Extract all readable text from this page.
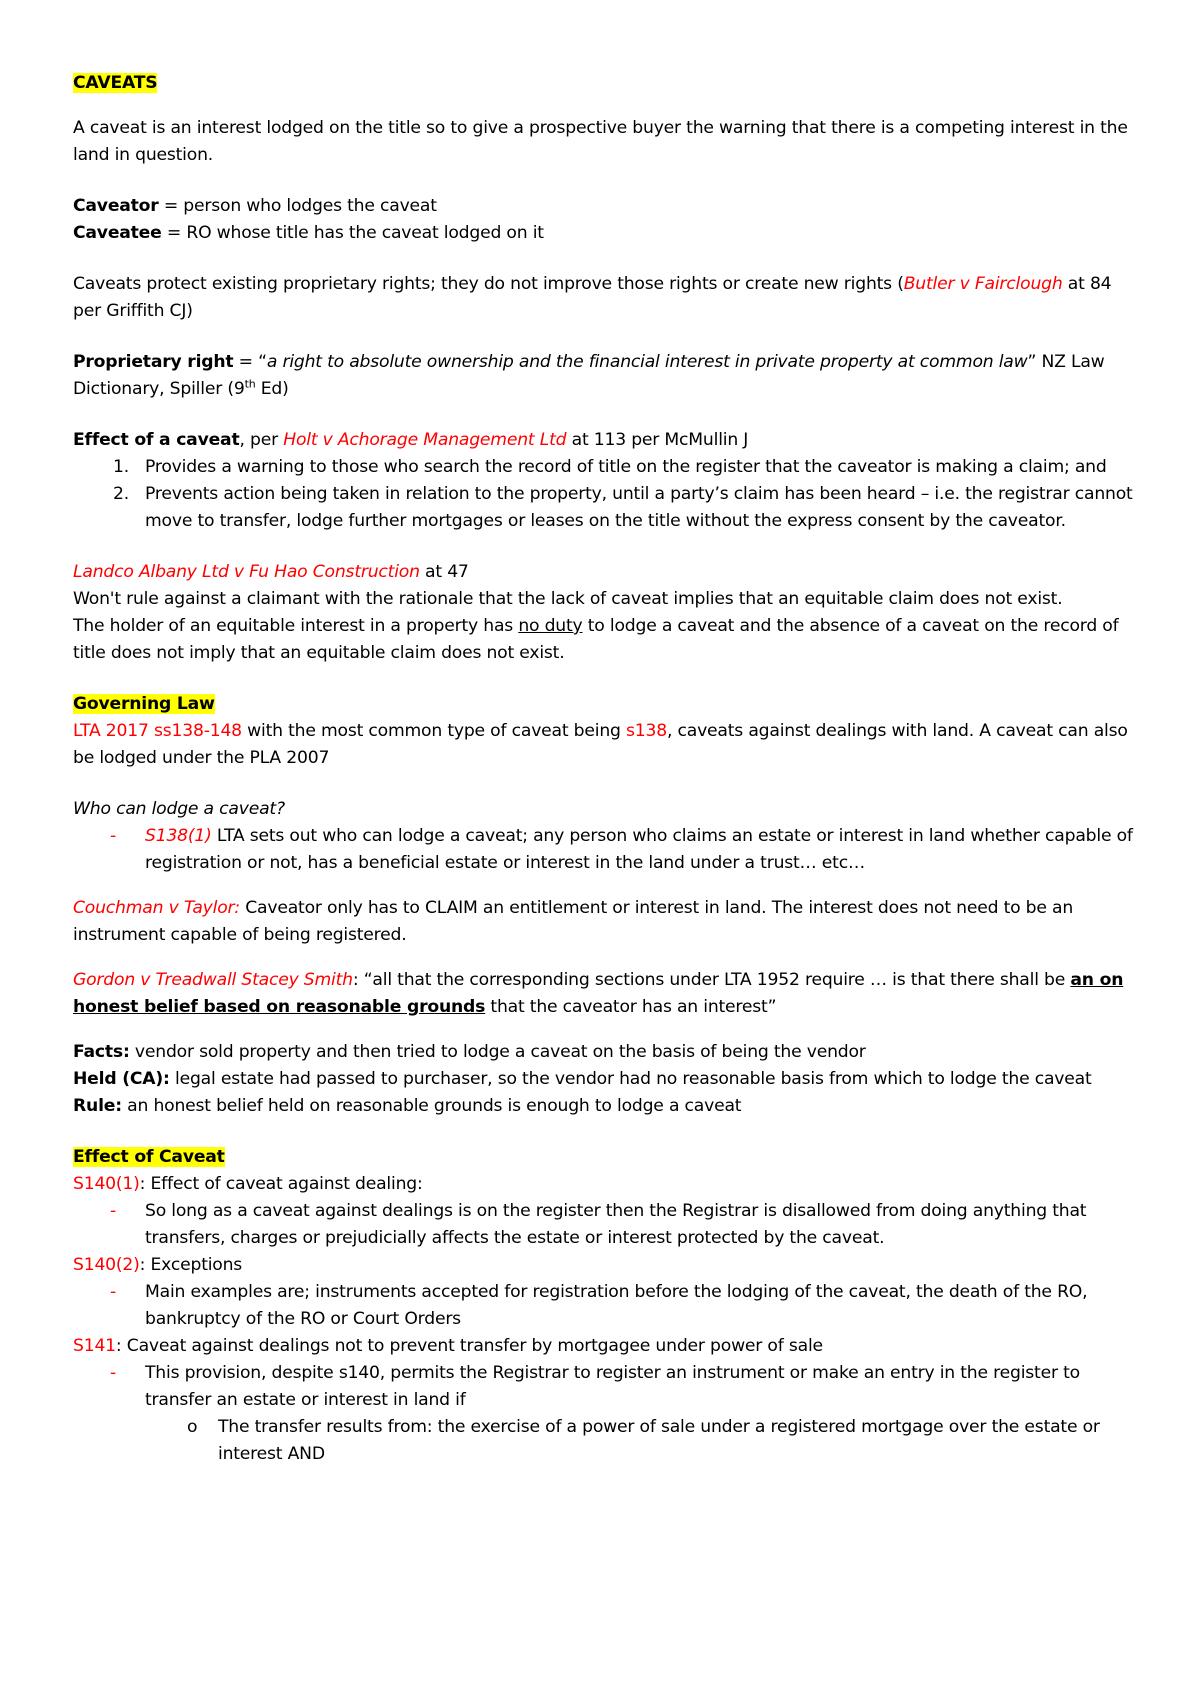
CAVEATS

A caveat is an interest lodged on the title so to give a prospective buyer the warning that there is a competing interest in the land in question.

Caveator = person who lodges the caveat

Caveatee = RO whose title has the caveat lodged on it

Caveats protect existing proprietary rights; they do not improve those rights or create new rights (Butler v Fairclough at 84 per Griffith CJ)

Proprietary right = “a right to absolute ownership and the financial interest in private property at common law” NZ Law Dictionary, Spiller (9th Ed)

Effect of a caveat, per Holt v Achorage Management Ltd at 113 per McMullin J

1. Provides a warning to those who search the record of title on the register that the caveator is making a claim; and
2. Prevents action being taken in relation to the property, until a party’s claim has been heard – i.e. the registrar cannot move to transfer, lodge further mortgages or leases on the title without the express consent by the caveator.

Landco Albany Ltd v Fu Hao Construction at 47

Won't rule against a claimant with the rationale that the lack of caveat implies that an equitable claim does not exist.

The holder of an equitable interest in a property has no duty to lodge a caveat and the absence of a caveat on the record of title does not imply that an equitable claim does not exist.

Governing Law

LTA 2017 ss138-148 with the most common type of caveat being s138, caveats against dealings with land. A caveat can also be lodged under the PLA 2007

Who can lodge a caveat?

- S138(1) LTA sets out who can lodge a caveat; any person who claims an estate or interest in land whether capable of registration or not, has a beneficial estate or interest in the land under a trust… etc…

Couchman v Taylor: Caveator only has to CLAIM an entitlement or interest in land. The interest does not need to be an instrument capable of being registered.

Gordon v Treadwall Stacey Smith: “all that the corresponding sections under LTA 1952 require … is that there shall be an on honest belief based on reasonable grounds that the caveator has an interest”

Facts: vendor sold property and then tried to lodge a caveat on the basis of being the vendor

Held (CA): legal estate had passed to purchaser, so the vendor had no reasonable basis from which to lodge the caveat

Rule: an honest belief held on reasonable grounds is enough to lodge a caveat

Effect of Caveat

S140(1): Effect of caveat against dealing:

- So long as a caveat against dealings is on the register then the Registrar is disallowed from doing anything that transfers, charges or prejudicially affects the estate or interest protected by the caveat.

S140(2): Exceptions

- Main examples are; instruments accepted for registration before the lodging of the caveat, the death of the RO, bankruptcy of the RO or Court Orders

S141: Caveat against dealings not to prevent transfer by mortgagee under power of sale

- This provision, despite s140, permits the Registrar to register an instrument or make an entry in the register to transfer an estate or interest in land if
o The transfer results from: the exercise of a power of sale under a registered mortgage over the estate or interest AND
